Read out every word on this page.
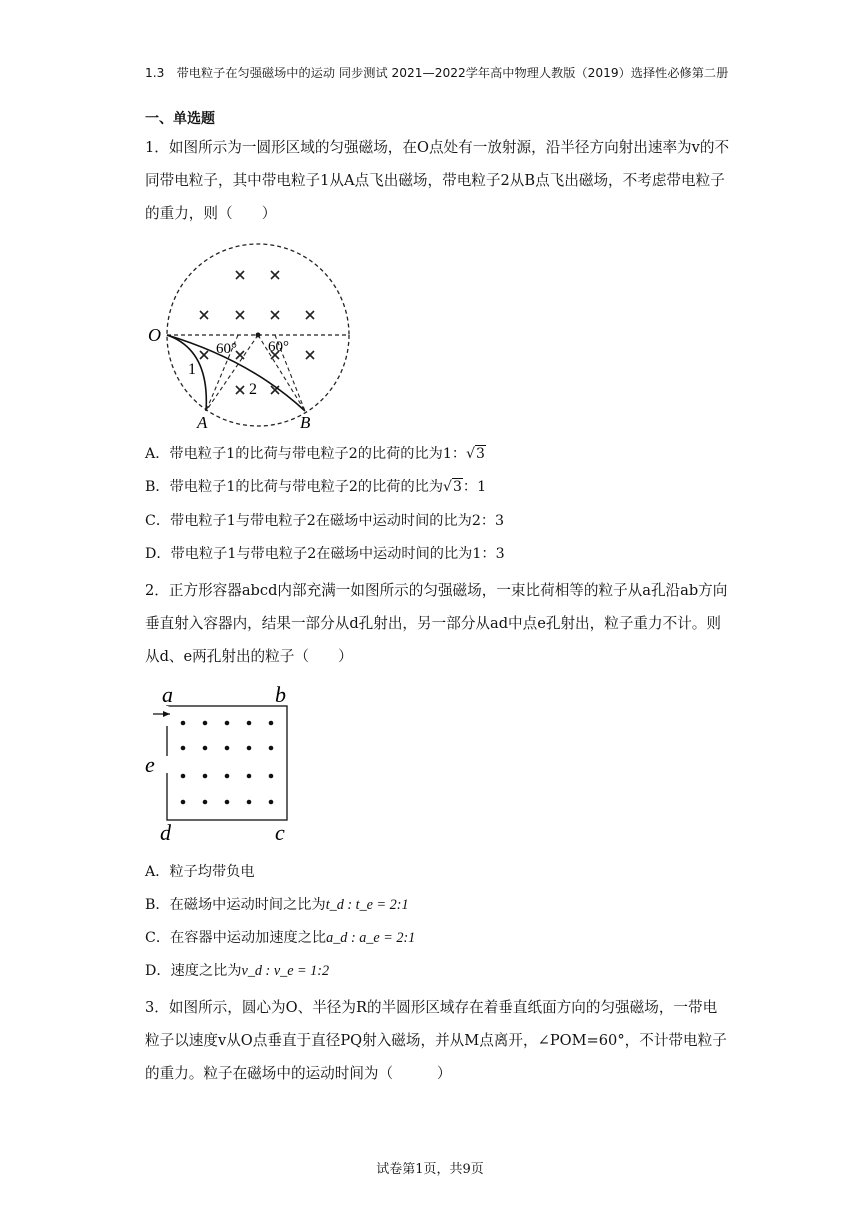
1.3　带电粒子在匀强磁场中的运动 同步测试 2021—2022学年高中物理人教版（2019）选择性必修第二册
一、单选题
1．如图所示为一圆形区域的匀强磁场，在O点处有一放射源，沿半径方向射出速率为v的不同带电粒子，其中带电粒子1从A点飞出磁场，带电粒子2从B点飞出磁场，不考虑带电粒子的重力，则（　　）
O
A	B
60° 60°
1
2
A．带电粒子1的比荷与带电粒子2的比荷的比为1：√3
B．带电粒子1的比荷与带电粒子2的比荷的比为√3：1
C．带电粒子1与带电粒子2在磁场中运动时间的比为2：3
D．带电粒子1与带电粒子2在磁场中运动时间的比为1：3
2．正方形容器abcd内部充满一如图所示的匀强磁场，一束比荷相等的粒子从a孔沿ab方向垂直射入容器内，结果一部分从d孔射出，另一部分从ad中点e孔射出，粒子重力不计。则从d、e两孔射出的粒子（　　）
a	b
c
d
e
A．粒子均带负电
B．在磁场中运动时间之比为t_d : t_e = 2:1
C．在容器中运动加速度之比a_d : a_e = 2:1
D．速度之比为v_d : v_e = 1:2
3．如图所示，圆心为O、半径为R的半圆形区域存在着垂直纸面方向的匀强磁场，一带电粒子以速度v从O点垂直于直径PQ射入磁场，并从M点离开，∠POM=60°，不计带电粒子的重力。粒子在磁场中的运动时间为（　　　）
试卷第1页，共9页
